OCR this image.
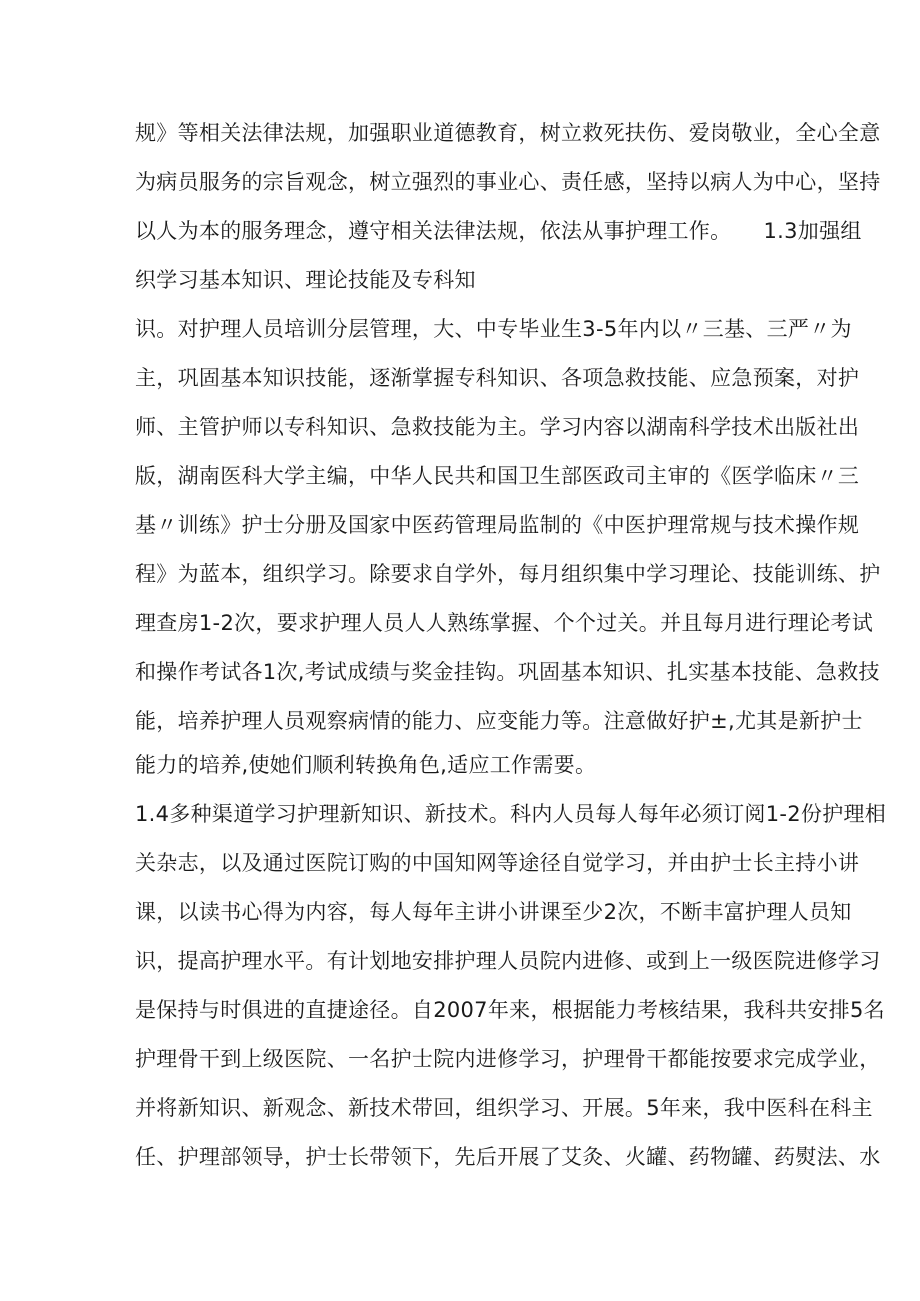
规》等相关法律法规，加强职业道德教育，树立救死扶伤、爱岗敬业，全心全意
为病员服务的宗旨观念，树立强烈的事业心、责任感，坚持以病人为中心，坚持
以人为本的服务理念，遵守相关法律法规，依法从事护理工作。　　1.3加强组
织学习基本知识、理论技能及专科知
识。对护理人员培训分层管理，大、中专毕业生3-5年内以〃三基、三严〃为
主，巩固基本知识技能，逐渐掌握专科知识、各项急救技能、应急预案，对护
师、主管护师以专科知识、急救技能为主。学习内容以湖南科学技术出版社出
版，湖南医科大学主编，中华人民共和国卫生部医政司主审的《医学临床〃三
基〃训练》护士分册及国家中医药管理局监制的《中医护理常规与技术操作规
程》为蓝本，组织学习。除要求自学外，每月组织集中学习理论、技能训练、护
理查房1-2次，要求护理人员人人熟练掌握、个个过关。并且每月进行理论考试
和操作考试各1次,考试成绩与奖金挂钩。巩固基本知识、扎实基本技能、急救技
能，培养护理人员观察病情的能力、应变能力等。注意做好护±,尤其是新护士
能力的培养,使她们顺利转换角色,适应工作需要。
1.4多种渠道学习护理新知识、新技术。科内人员每人每年必须订阅1-2份护理相
关杂志，以及通过医院订购的中国知网等途径自觉学习，并由护士长主持小讲
课，以读书心得为内容，每人每年主讲小讲课至少2次，不断丰富护理人员知
识，提高护理水平。有计划地安排护理人员院内进修、或到上一级医院进修学习
是保持与时俱进的直捷途径。自2007年来，根据能力考核结果，我科共安排5名
护理骨干到上级医院、一名护士院内进修学习，护理骨干都能按要求完成学业，
并将新知识、新观念、新技术带回，组织学习、开展。5年来，我中医科在科主
任、护理部领导，护士长带领下，先后开展了艾灸、火罐、药物罐、药熨法、水
